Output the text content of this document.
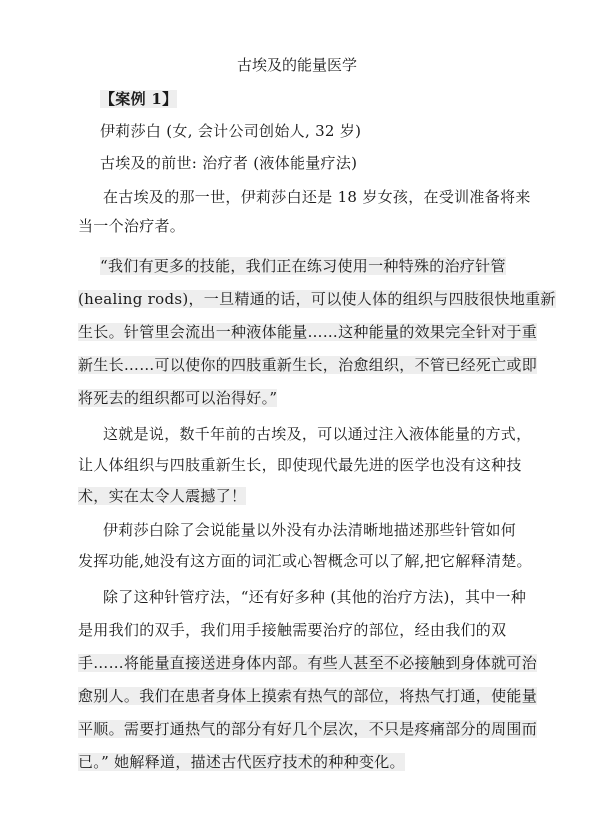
古埃及的能量医学
【案例 1】
伊莉莎白 (女, 会计公司创始人, 32 岁)
古埃及的前世: 治疗者 (液体能量疗法)
在古埃及的那一世，伊莉莎白还是 18 岁女孩，在受训准备将来
当一个治疗者。
“我们有更多的技能，我们正在练习使用一种特殊的治疗针管
(healing rods)，一旦精通的话，可以使人体的组织与四肢很快地重新
生长。针管里会流出一种液体能量……这种能量的效果完全针对于重
新生长……可以使你的四肢重新生长，治愈组织，不管已经死亡或即
将死去的组织都可以治得好。”
这就是说，数千年前的古埃及，可以通过注入液体能量的方式，
让人体组织与四肢重新生长，即使现代最先进的医学也没有这种技
术，实在太令人震撼了！
伊莉莎白除了会说能量以外没有办法清晰地描述那些针管如何
发挥功能,她没有这方面的词汇或心智概念可以了解,把它解释清楚。
除了这种针管疗法，“还有好多种 (其他的治疗方法)，其中一种
是用我们的双手，我们用手接触需要治疗的部位，经由我们的双
手……将能量直接送进身体内部。有些人甚至不必接触到身体就可治
愈别人。我们在患者身体上摸索有热气的部位，将热气打通，使能量
平顺。需要打通热气的部分有好几个层次，不只是疼痛部分的周围而
已。” 她解释道，描述古代医疗技术的种种变化。
